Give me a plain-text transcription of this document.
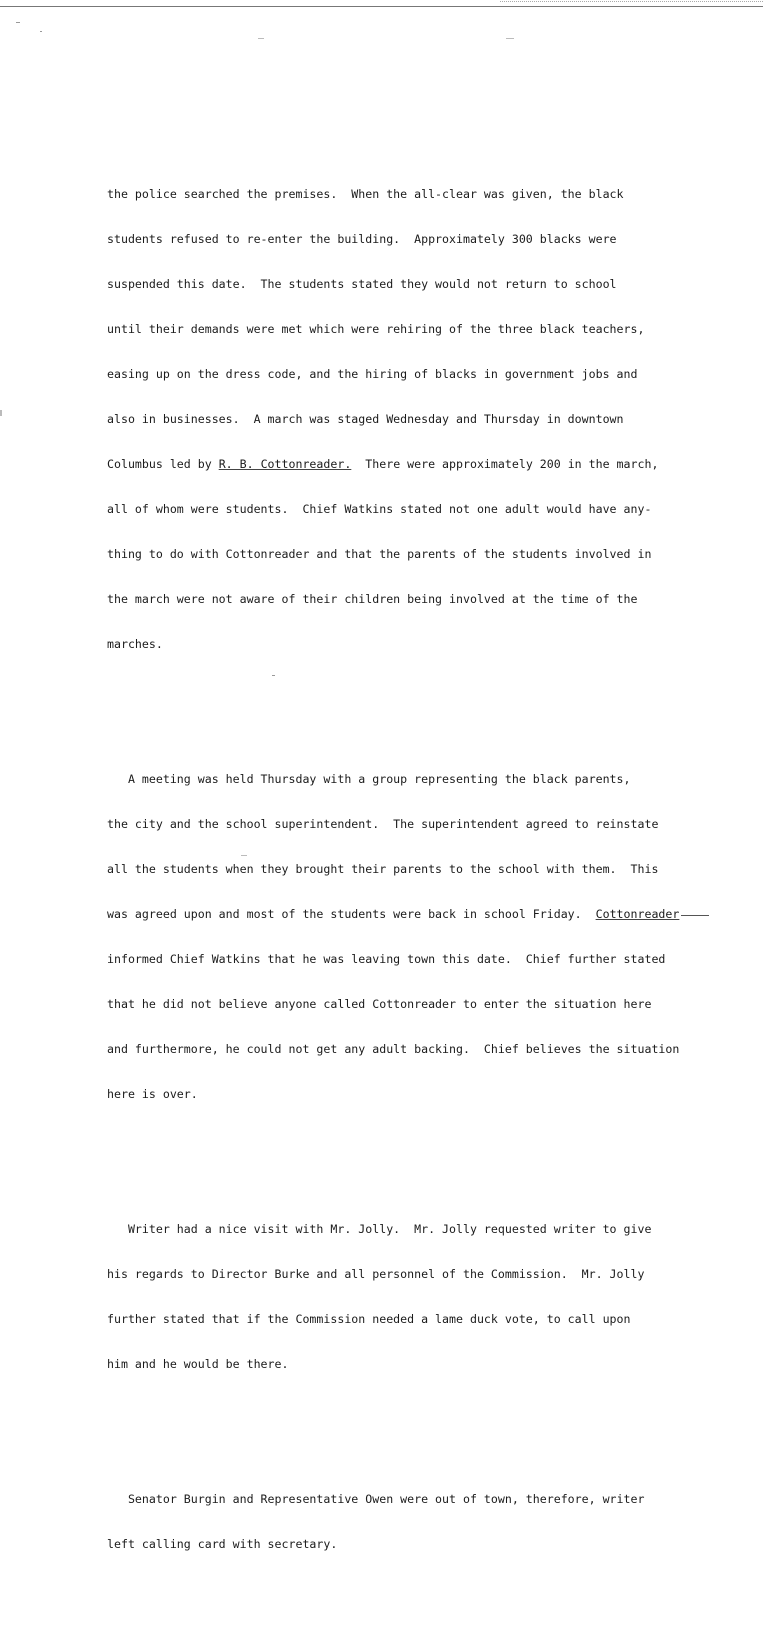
the police searched the premises.  When the all-clear was given, the black

students refused to re-enter the building.  Approximately 300 blacks were

suspended this date.  The students stated they would not return to school

until their demands were met which were rehiring of the three black teachers,

easing up on the dress code, and the hiring of blacks in government jobs and

also in businesses.  A march was staged Wednesday and Thursday in downtown

Columbus led by R. B. Cottonreader.  There were approximately 200 in the march,

all of whom were students.  Chief Watkins stated not one adult would have any-

thing to do with Cottonreader and that the parents of the students involved in

the march were not aware of their children being involved at the time of the

marches.

A meeting was held Thursday with a group representing the black parents,

the city and the school superintendent.  The superintendent agreed to reinstate

all the students when they brought their parents to the school with them.  This

was agreed upon and most of the students were back in school Friday.  Cottonreader

informed Chief Watkins that he was leaving town this date.  Chief further stated

that he did not believe anyone called Cottonreader to enter the situation here

and furthermore, he could not get any adult backing.  Chief believes the situation

here is over.

Writer had a nice visit with Mr. Jolly.  Mr. Jolly requested writer to give

his regards to Director Burke and all personnel of the Commission.  Mr. Jolly

further stated that if the Commission needed a lame duck vote, to call upon

him and he would be there.

Senator Burgin and Representative Owen were out of town, therefore, writer

left calling card with secretary.
